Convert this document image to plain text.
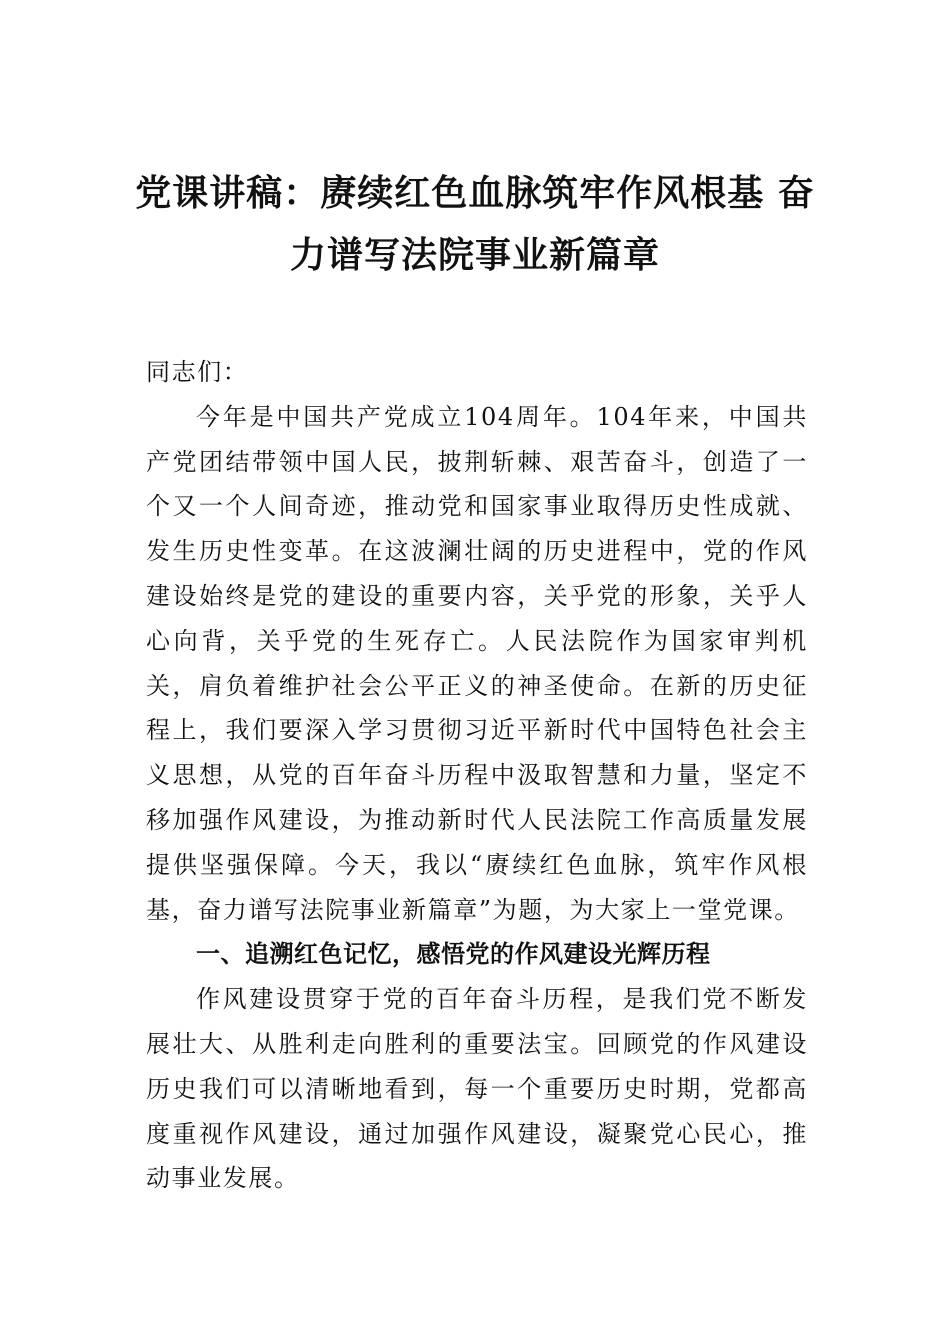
党课讲稿：赓续红色血脉筑牢作风根基 奋力谱写法院事业新篇章

同志们：

今年是中国共产党成立104周年。104年来，中国共产党团结带领中国人民，披荆斩棘、艰苦奋斗，创造了一个又一个人间奇迹，推动党和国家事业取得历史性成就、发生历史性变革。在这波澜壮阔的历史进程中，党的作风建设始终是党的建设的重要内容，关乎党的形象，关乎人心向背，关乎党的生死存亡。人民法院作为国家审判机关，肩负着维护社会公平正义的神圣使命。在新的历史征程上，我们要深入学习贯彻习近平新时代中国特色社会主义思想，从党的百年奋斗历程中汲取智慧和力量，坚定不移加强作风建设，为推动新时代人民法院工作高质量发展提供坚强保障。今天，我以“赓续红色血脉，筑牢作风根基，奋力谱写法院事业新篇章”为题，为大家上一堂党课。

一、追溯红色记忆，感悟党的作风建设光辉历程

作风建设贯穿于党的百年奋斗历程，是我们党不断发展壮大、从胜利走向胜利的重要法宝。回顾党的作风建设历史我们可以清晰地看到，每一个重要历史时期，党都高度重视作风建设，通过加强作风建设，凝聚党心民心，推动事业发展。
